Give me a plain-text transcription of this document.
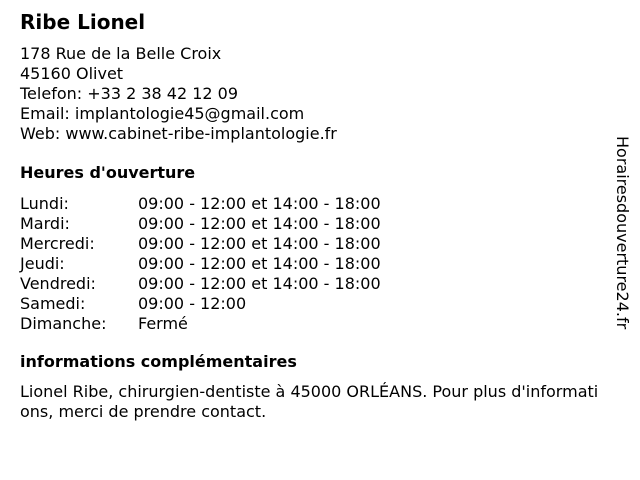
Ribe Lionel
178 Rue de la Belle Croix
45160 Olivet
Telefon: +33 2 38 42 12 09
Email: implantologie45@gmail.com
Web: www.cabinet-ribe-implantologie.fr
Heures d'ouverture
Lundi:	09:00 - 12:00 et 14:00 - 18:00
Mardi:	09:00 - 12:00 et 14:00 - 18:00
Mercredi:	09:00 - 12:00 et 14:00 - 18:00
Jeudi:	09:00 - 12:00 et 14:00 - 18:00
Vendredi:	09:00 - 12:00 et 14:00 - 18:00
Samedi:	09:00 - 12:00
Dimanche:	Fermé
informations complémentaires
Lionel Ribe, chirurgien-dentiste à 45000 ORLÉANS. Pour plus d'informations, merci de prendre contact.
Horairesdouverture24.fr
